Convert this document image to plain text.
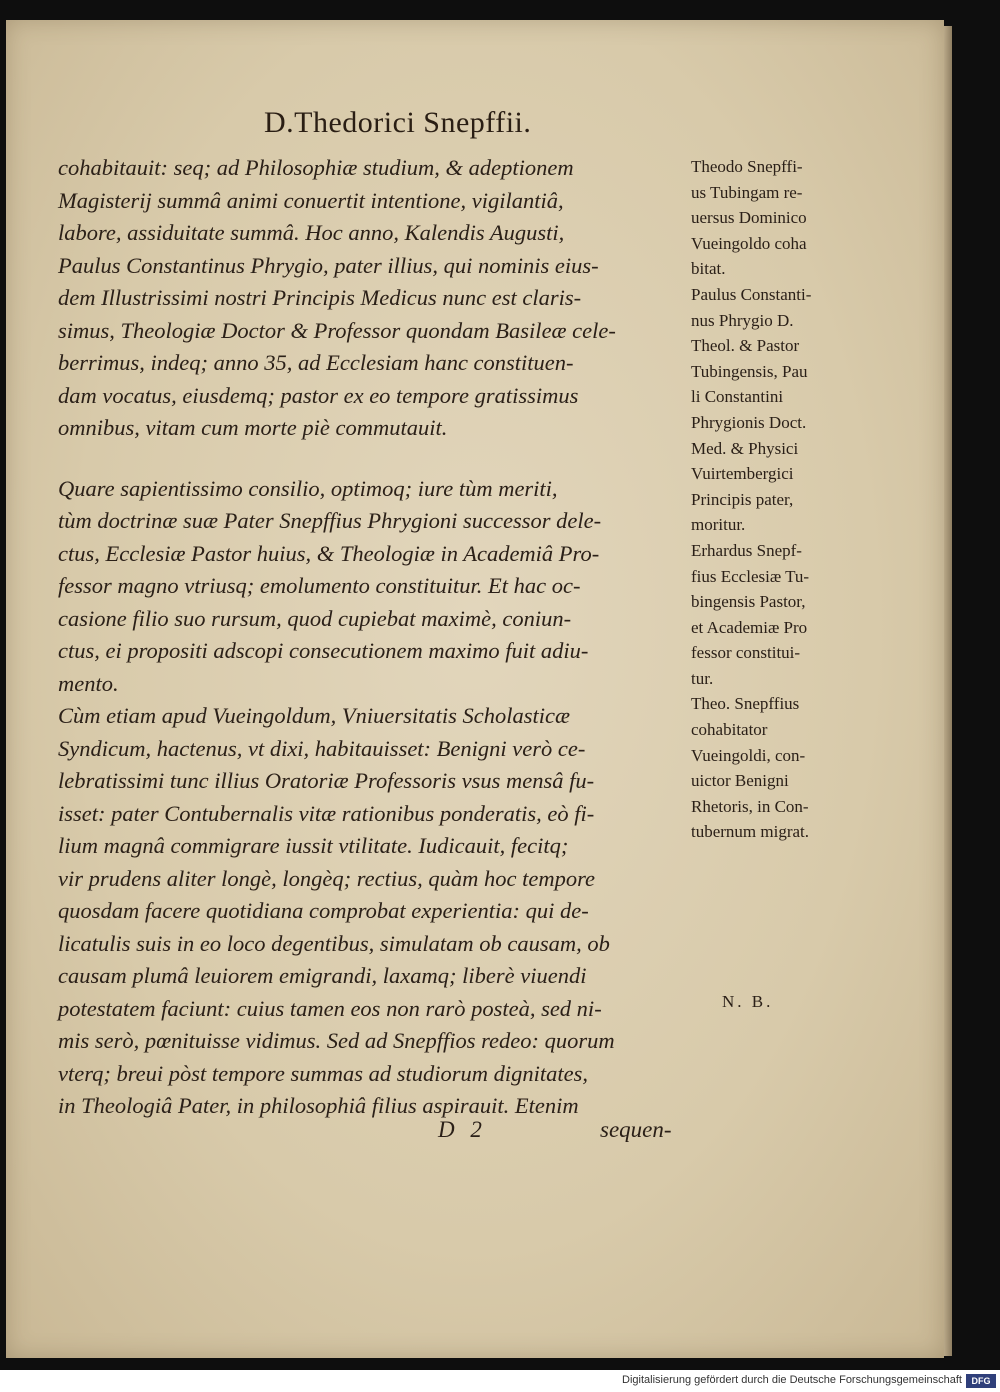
D.Thedorici Snepffii.
cohabitauit: seq; ad Philosophiæ studium, & adeptionem
Magisterij summâ animi conuertit intentione, vigilantiâ,
labore, assiduitate summâ. Hoc anno, Kalendis Augusti,
Paulus Constantinus Phrygio, pater illius, qui nominis eius-
dem Illustrissimi nostri Principis Medicus nunc est claris-
simus, Theologiæ Doctor & Professor quondam Basileæ cele-
berrimus, indeq; anno 35, ad Ecclesiam hanc constituen-
dam vocatus, eiusdemq; pastor ex eo tempore gratissimus
omnibus, vitam cum morte piè commutauit.
Quare sapientissimo consilio, optimoq; iure tùm meriti,
tùm doctrinæ suæ Pater Snepffius Phrygioni successor dele-
ctus, Ecclesiæ Pastor huius, & Theologiæ in Academiâ Pro-
fessor magno vtriusq; emolumento constituitur. Et hac oc-
casione filio suo rursum, quod cupiebat maximè, coniun-
ctus, ei propositi adscopi consecutionem maximo fuit adiu-
mento.
Cùm etiam apud Vueingoldum, Vniuersitatis Scholasticæ
Syndicum, hactenus, vt dixi, habitauisset: Benigni verò ce-
lebratissimi tunc illius Oratoriæ Professoris vsus mensâ fu-
isset: pater Contubernalis vitæ rationibus ponderatis, eò fi-
lium magnâ commigrare iussit vtilitate. Iudicauit, fecitq;
vir prudens aliter longè, longèq; rectius, quàm hoc tempore
quosdam facere quotidiana comprobat experientia: qui de-
licatulis suis in eo loco degentibus, simulatam ob causam, ob
causam plumâ leuiorem emigrandi, laxamq; liberè viuendi
potestatem faciunt: cuius tamen eos non rarò posteà, sed ni-
mis serò, pœnituisse vidimus. Sed ad Snepffios redeo: quorum
vterq; breui pòst tempore summas ad studiorum dignitates,
in Theologiâ Pater, in philosophiâ filius aspirauit. Etenim
Theodo Snepffi-
us Tubingam re-
uersus Dominico
Vueingoldo coha
bitat.
Paulus Constanti-
nus Phrygio D.
Theol. & Pastor
Tubingensis, Pau
li Constantini
Phrygionis Doct.
Med. & Physici
Vuirtembergici
Principis pater,
moritur.
Erhardus Snepf-
fius Ecclesiæ Tu-
bingensis Pastor,
et Academiæ Pro
fessor constitui-
tur.
Theo. Snepffius
cohabitator
Vueingoldi, con-
uictor Benigni
Rhetoris, in Con-
tubernum migrat.
N. B.
D 2	sequen-
Digitalisierung gefördert durch die Deutsche Forschungsgemeinschaft	DFG
